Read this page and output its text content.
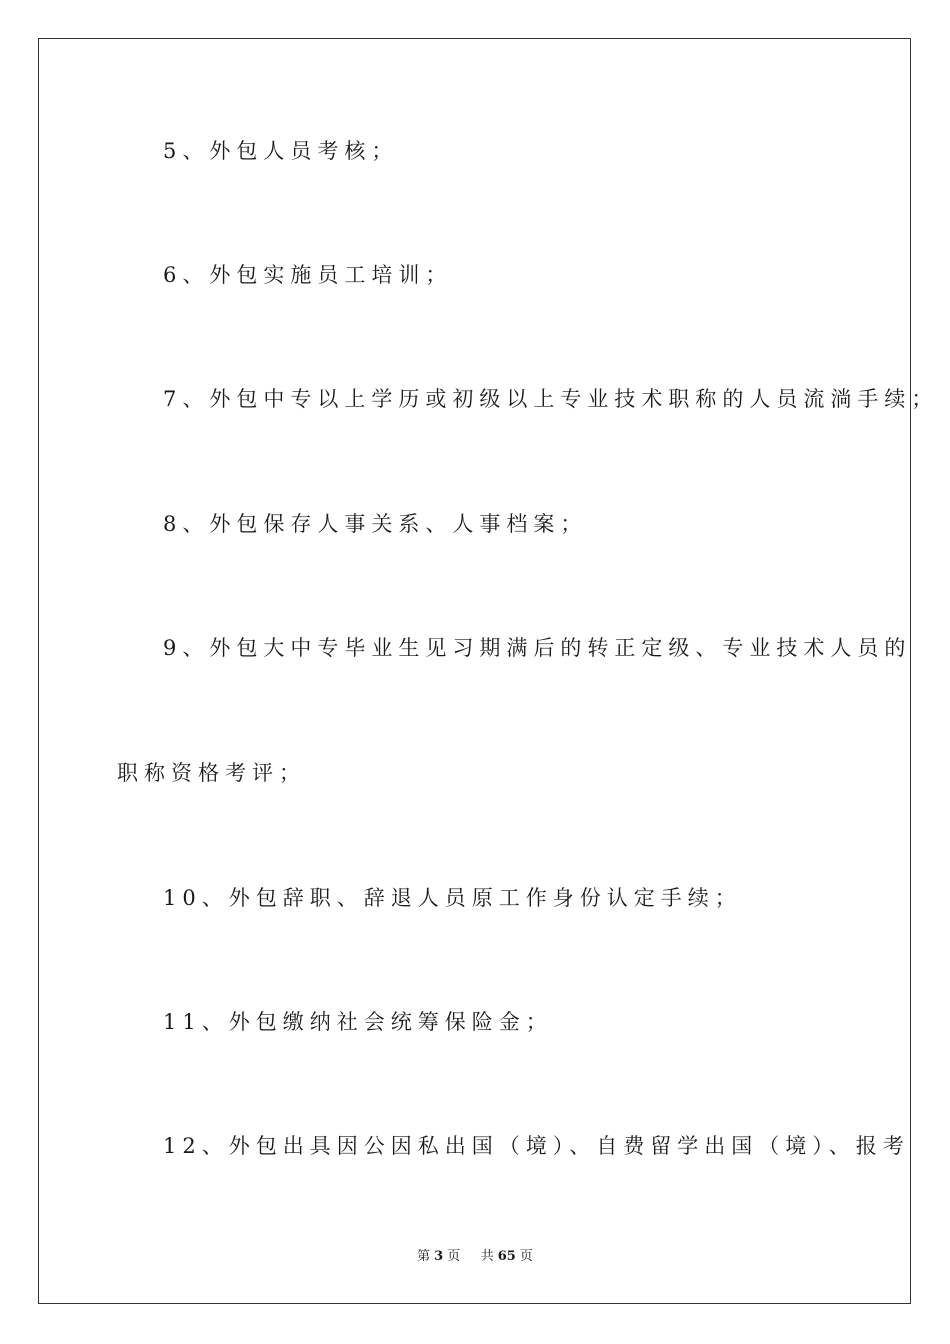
5、外包人员考核；
6、外包实施员工培训；
7、外包中专以上学历或初级以上专业技术职称的人员流淌手续；
8、外包保存人事关系、人事档案；
9、外包大中专毕业生见习期满后的转正定级、专业技术人员的
职称资格考评；
10、外包辞职、辞退人员原工作身份认定手续；
11、外包缴纳社会统筹保险金；
12、外包出具因公因私出国（境）、自费留学出国（境）、报考
第 3 页 共 65 页
